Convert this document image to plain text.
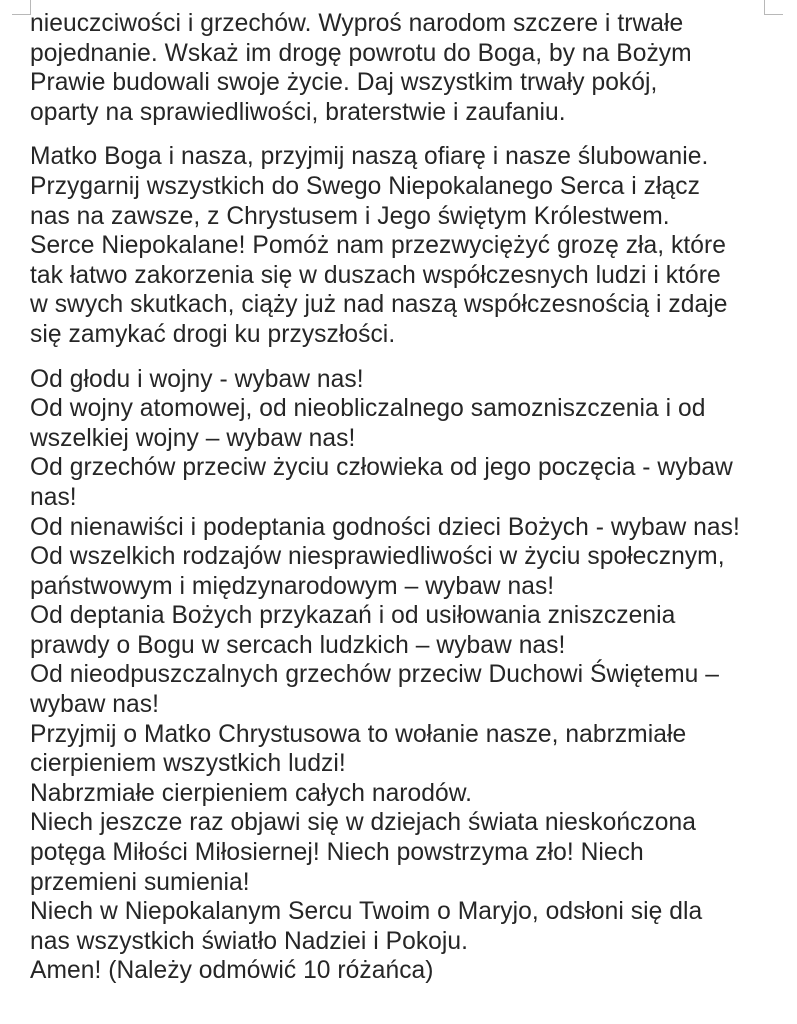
nieuczciwości i grzechów. Wyproś narodom szczere i trwałe
pojednanie. Wskaż im drogę powrotu do Boga, by na Bożym
Prawie budowali swoje życie. Daj wszystkim trwały pokój,
oparty na sprawiedliwości, braterstwie i zaufaniu.

Matko Boga i nasza, przyjmij naszą ofiarę i nasze ślubowanie.
Przygarnij wszystkich do Swego Niepokalanego Serca i złącz
nas na zawsze, z Chrystusem i Jego świętym Królestwem.
Serce Niepokalane! Pomóż nam przezwyciężyć grozę zła, które
tak łatwo zakorzenia się w duszach współczesnych ludzi i które
w swych skutkach, ciąży już nad naszą współczesnością i zdaje
się zamykać drogi ku przyszłości.

Od głodu i wojny - wybaw nas!
Od wojny atomowej, od nieobliczalnego samozniszczenia i od
wszelkiej wojny – wybaw nas!
Od grzechów przeciw życiu człowieka od jego poczęcia - wybaw
nas!
Od nienawiści i podeptania godności dzieci Bożych - wybaw nas!
Od wszelkich rodzajów niesprawiedliwości w życiu społecznym,
państwowym i międzynarodowym – wybaw nas!
Od deptania Bożych przykazań i od usiłowania zniszczenia
prawdy o Bogu w sercach ludzkich – wybaw nas!
Od nieodpuszczalnych grzechów przeciw Duchowi Świętemu –
wybaw nas!
Przyjmij o Matko Chrystusowa to wołanie nasze, nabrzmiałe
cierpieniem wszystkich ludzi!
Nabrzmiałe cierpieniem całych narodów.
Niech jeszcze raz objawi się w dziejach świata nieskończona
potęga Miłości Miłosiernej! Niech powstrzyma zło! Niech
przemieni sumienia!
Niech w Niepokalanym Sercu Twoim o Maryjo, odsłoni się dla
nas wszystkich światło Nadziei i Pokoju.
Amen! (Należy odmówić 10 różańca)
